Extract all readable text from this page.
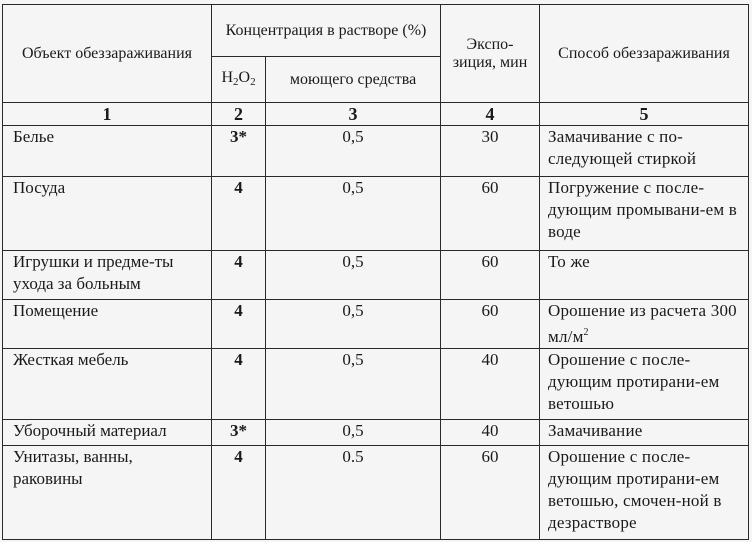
Объект обеззараживания	Концентрация в растворе (%)		Экспо-зиция, мин	Способ обеззараживания
	$H_2O_2$	моющего средства		
1	2	3	4	5
Белье	3*	0,5	30	Замачивание с по-следующей стиркой
Посуда	4	0,5	60	Погружение с после-дующим промывани-ем в воде
Игрушки и предме-ты ухода за больным	4	0,5	60	То же
Помещение	4	0,5	60	Орошение из расчета 300 $мл/м^2$
Жесткая мебель	4	0,5	40	Орошение с после-дующим протирани-ем ветошью
Уборочный материал	3*	0,5	40	Замачивание
Унитазы, ванны, раковины	4	0.5	60	Орошение с после-дующим протирани-ем ветошью, смочен-ной в дезрастворе
